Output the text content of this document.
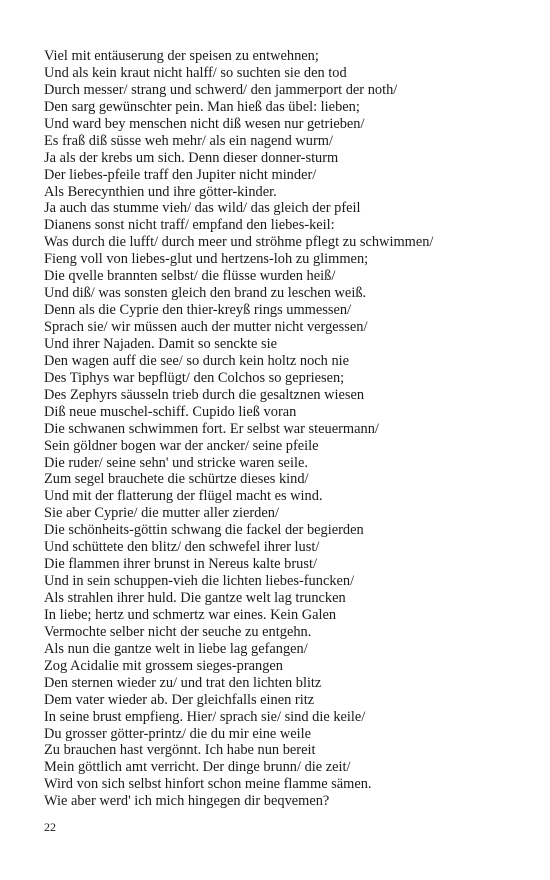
Viel mit entäuserung der speisen zu entwehnen;
Und als kein kraut nicht halff/ so suchten sie den tod
Durch messer/ strang und schwerd/ den jammerport der noth/
Den sarg gewünschter pein. Man hieß das übel: lieben;
Und ward bey menschen nicht diß wesen nur getrieben/
Es fraß diß süsse weh mehr/ als ein nagend wurm/
Ja als der krebs um sich. Denn dieser donner-sturm
Der liebes-pfeile traff den Jupiter nicht minder/
Als Berecynthien und ihre götter-kinder.
Ja auch das stumme vieh/ das wild/ das gleich der pfeil
Dianens sonst nicht traff/ empfand den liebes-keil:
Was durch die lufft/ durch meer und ströhme pflegt zu schwimmen/
Fieng voll von liebes-glut und hertzens-loh zu glimmen;
Die qvelle brannten selbst/ die flüsse wurden heiß/
Und diß/ was sonsten gleich den brand zu leschen weiß.
Denn als die Cyprie den thier-kreyß rings ummessen/
Sprach sie/ wir müssen auch der mutter nicht vergessen/
Und ihrer Najaden. Damit so senckte sie
Den wagen auff die see/ so durch kein holtz noch nie
Des Tiphys war bepflügt/ den Colchos so gepriesen;
Des Zephyrs säusseln trieb durch die gesaltznen wiesen
Diß neue muschel-schiff. Cupido ließ voran
Die schwanen schwimmen fort. Er selbst war steuermann/
Sein göldner bogen war der ancker/ seine pfeile
Die ruder/ seine sehn' und stricke waren seile.
Zum segel brauchete die schürtze dieses kind/
Und mit der flatterung der flügel macht es wind.
Sie aber Cyprie/ die mutter aller zierden/
Die schönheits-göttin schwang die fackel der begierden
Und schüttete den blitz/ den schwefel ihrer lust/
Die flammen ihrer brunst in Nereus kalte brust/
Und in sein schuppen-vieh die lichten liebes-funcken/
Als strahlen ihrer huld. Die gantze welt lag truncken
In liebe; hertz und schmertz war eines. Kein Galen
Vermochte selber nicht der seuche zu entgehn.
Als nun die gantze welt in liebe lag gefangen/
Zog Acidalie mit grossem sieges-prangen
Den sternen wieder zu/ und trat den lichten blitz
Dem vater wieder ab. Der gleichfalls einen ritz
In seine brust empfieng. Hier/ sprach sie/ sind die keile/
Du grosser götter-printz/ die du mir eine weile
Zu brauchen hast vergönnt. Ich habe nun bereit
Mein göttlich amt verricht. Der dinge brunn/ die zeit/
Wird von sich selbst hinfort schon meine flamme sämen.
Wie aber werd' ich mich hingegen dir beqvemen?
22
